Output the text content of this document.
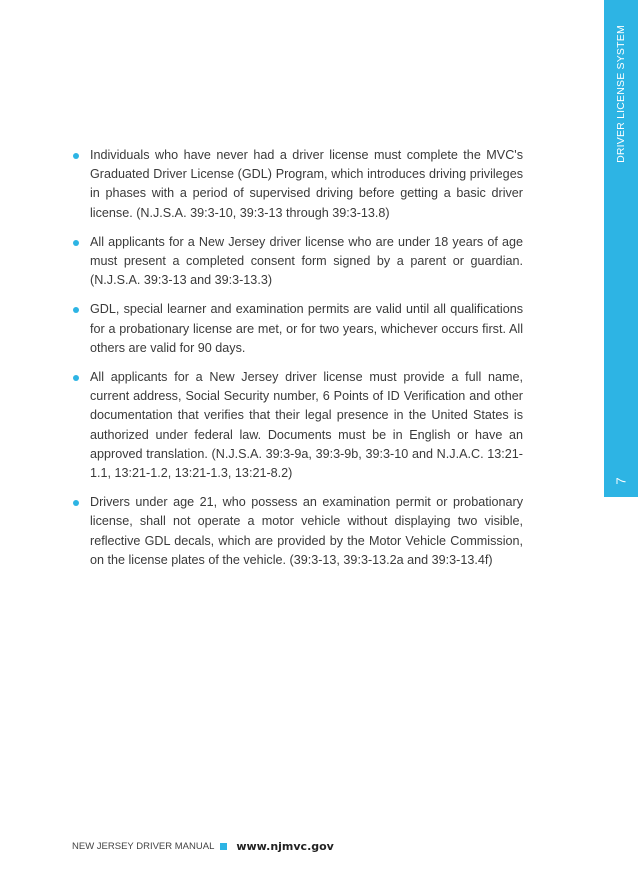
DRIVER LICENSE SYSTEM
7
Individuals who have never had a driver license must complete the MVC's Graduated Driver License (GDL) Program, which introduces driving privileges in phases with a period of supervised driving before getting a basic driver license. (N.J.S.A. 39:3-10, 39:3-13 through 39:3-13.8)
All applicants for a New Jersey driver license who are under 18 years of age must present a completed consent form signed by a parent or guardian. (N.J.S.A. 39:3-13 and 39:3-13.3)
GDL, special learner and examination permits are valid until all qualifications for a probationary license are met, or for two years, whichever occurs first. All others are valid for 90 days.
All applicants for a New Jersey driver license must provide a full name, current address, Social Security number, 6 Points of ID Verification and other documentation that verifies that their legal presence in the United States is authorized under federal law. Documents must be in English or have an approved translation. (N.J.S.A. 39:3-9a, 39:3-9b, 39:3-10 and N.J.A.C. 13:21-1.1, 13:21-1.2, 13:21-1.3, 13:21-8.2)
Drivers under age 21, who possess an examination permit or probationary license, shall not operate a motor vehicle without displaying two visible, reflective GDL decals, which are provided by the Motor Vehicle Commission, on the license plates of the vehicle. (39:3-13, 39:3-13.2a and 39:3-13.4f)
NEW JERSEY DRIVER MANUAL www.njmvc.gov
